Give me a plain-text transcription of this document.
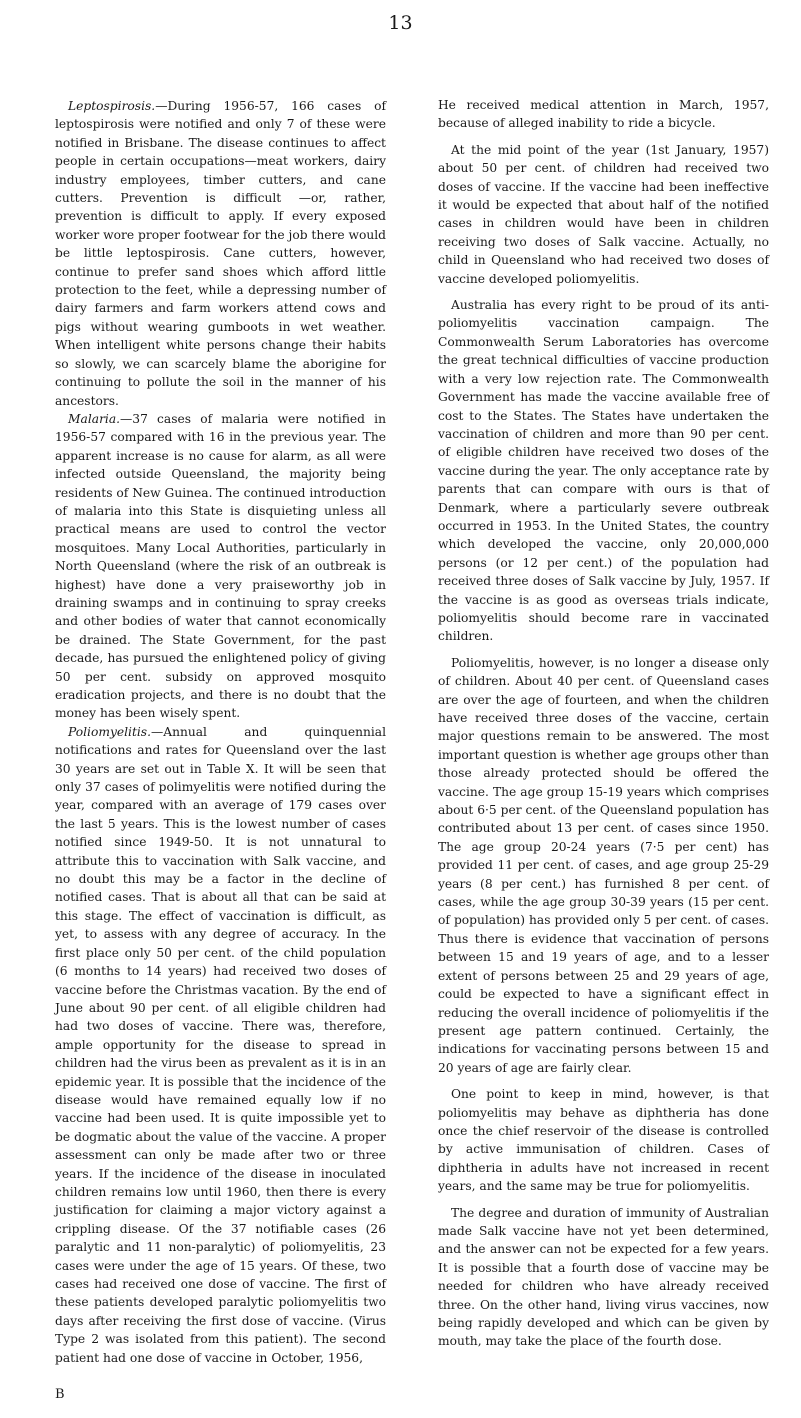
13

Leptospirosis.—During 1956-57, 166 cases of leptospirosis were notified and only 7 of these were notified in Brisbane. The disease continues to affect people in certain occupations—meat workers, dairy industry employees, timber cutters, and cane cutters. Prevention is difficult —or, rather, prevention is difficult to apply. If every exposed worker wore proper footwear for the job there would be little leptospirosis. Cane cutters, however, continue to prefer sand shoes which afford little protection to the feet, while a depressing number of dairy farmers and farm workers attend cows and pigs without wearing gumboots in wet weather. When intelligent white persons change their habits so slowly, we can scarcely blame the aborigine for continuing to pollute the soil in the manner of his ancestors.

Malaria.—37 cases of malaria were notified in 1956-57 compared with 16 in the previous year. The apparent increase is no cause for alarm, as all were infected outside Queensland, the majority being residents of New Guinea. The continued introduction of malaria into this State is disquieting unless all practical means are used to control the vector mosquitoes. Many Local Authorities, particularly in North Queensland (where the risk of an outbreak is highest) have done a very praiseworthy job in draining swamps and in continuing to spray creeks and other bodies of water that cannot economically be drained. The State Government, for the past decade, has pursued the enlightened policy of giving 50 per cent. subsidy on approved mosquito eradication projects, and there is no doubt that the money has been wisely spent.

Poliomyelitis.—Annual and quinquennial notifications and rates for Queensland over the last 30 years are set out in Table X. It will be seen that only 37 cases of polimyelitis were notified during the year, compared with an average of 179 cases over the last 5 years. This is the lowest number of cases notified since 1949-50. It is not unnatural to attribute this to vaccination with Salk vaccine, and no doubt this may be a factor in the decline of notified cases. That is about all that can be said at this stage. The effect of vaccination is difficult, as yet, to assess with any degree of accuracy. In the first place only 50 per cent. of the child population (6 months to 14 years) had received two doses of vaccine before the Christmas vacation. By the end of June about 90 per cent. of all eligible children had had two doses of vaccine. There was, therefore, ample opportunity for the disease to spread in children had the virus been as prevalent as it is in an epidemic year. It is possible that the incidence of the disease would have remained equally low if no vaccine had been used. It is quite impossible yet to be dogmatic about the value of the vaccine. A proper assessment can only be made after two or three years. If the incidence of the disease in inoculated children remains low until 1960, then there is every justification for claiming a major victory against a crippling disease. Of the 37 notifiable cases (26 paralytic and 11 non-paralytic) of poliomyelitis, 23 cases were under the age of 15 years. Of these, two cases had received one dose of vaccine. The first of these patients developed paralytic poliomyelitis two days after receiving the first dose of vaccine. (Virus Type 2 was isolated from this patient). The second patient had one dose of vaccine in October, 1956,

He received medical attention in March, 1957, because of alleged inability to ride a bicycle.

At the mid point of the year (1st January, 1957) about 50 per cent. of children had received two doses of vaccine. If the vaccine had been ineffective it would be expected that about half of the notified cases in children would have been in children receiving two doses of Salk vaccine. Actually, no child in Queensland who had received two doses of vaccine developed poliomyelitis.

Australia has every right to be proud of its anti-poliomyelitis vaccination campaign. The Commonwealth Serum Laboratories has overcome the great technical difficulties of vaccine production with a very low rejection rate. The Commonwealth Government has made the vaccine available free of cost to the States. The States have undertaken the vaccination of children and more than 90 per cent. of eligible children have received two doses of the vaccine during the year. The only acceptance rate by parents that can compare with ours is that of Denmark, where a particularly severe outbreak occurred in 1953. In the United States, the country which developed the vaccine, only 20,000,000 persons (or 12 per cent.) of the population had received three doses of Salk vaccine by July, 1957. If the vaccine is as good as overseas trials indicate, poliomyelitis should become rare in vaccinated children.

Poliomyelitis, however, is no longer a disease only of children. About 40 per cent. of Queensland cases are over the age of fourteen, and when the children have received three doses of the vaccine, certain major questions remain to be answered. The most important question is whether age groups other than those already protected should be offered the vaccine. The age group 15-19 years which comprises about 6·5 per cent. of the Queensland population has contributed about 13 per cent. of cases since 1950. The age group 20-24 years (7·5 per cent) has provided 11 per cent. of cases, and age group 25-29 years (8 per cent.) has furnished 8 per cent. of cases, while the age group 30-39 years (15 per cent. of population) has provided only 5 per cent. of cases. Thus there is evidence that vaccination of persons between 15 and 19 years of age, and to a lesser extent of persons between 25 and 29 years of age, could be expected to have a significant effect in reducing the overall incidence of poliomyelitis if the present age pattern continued. Certainly, the indications for vaccinating persons between 15 and 20 years of age are fairly clear.

One point to keep in mind, however, is that poliomyelitis may behave as diphtheria has done once the chief reservoir of the disease is controlled by active immunisation of children. Cases of diphtheria in adults have not increased in recent years, and the same may be true for poliomyelitis.

The degree and duration of immunity of Australian made Salk vaccine have not yet been determined, and the answer can not be expected for a few years. It is possible that a fourth dose of vaccine may be needed for children who have already received three. On the other hand, living virus vaccines, now being rapidly developed and which can be given by mouth, may take the place of the fourth dose.

B
